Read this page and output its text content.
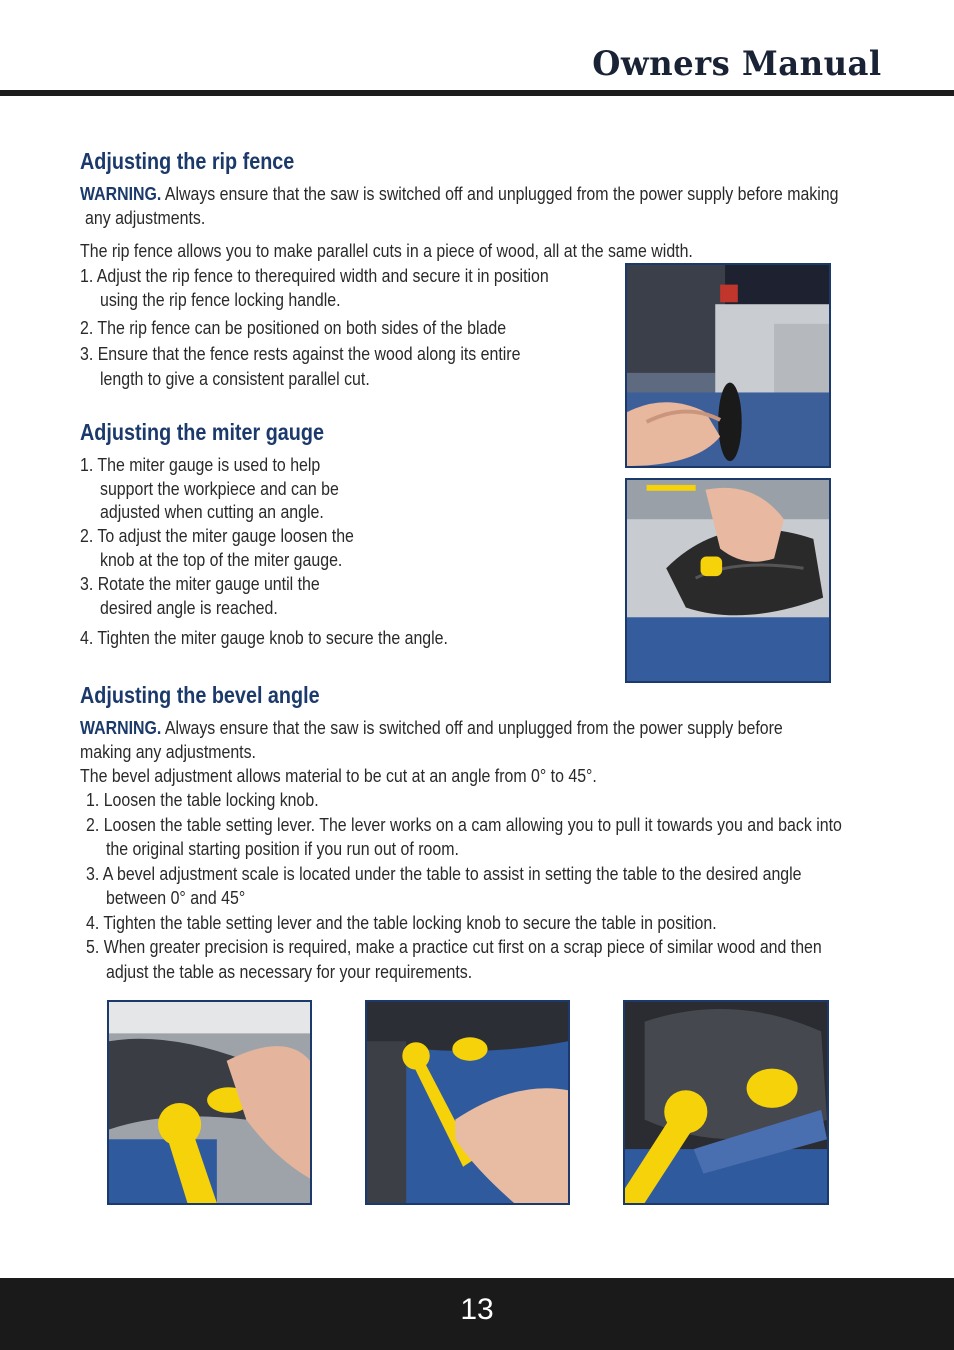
Owners Manual
Adjusting the rip fence
WARNING. Always ensure that the saw is switched off and unplugged from the power supply before making
any adjustments.
The rip fence allows you to make parallel cuts in a piece of wood, all at the same width.
1. Adjust the rip fence to therequired width and secure it in position
using the rip fence locking handle.
2. The rip fence can be positioned on both sides of the blade
3. Ensure that the fence rests against the wood along its entire
length to give a consistent parallel cut.
Adjusting the miter gauge
1. The miter gauge is used to help
support the workpiece and can be
adjusted when cutting an angle.
2. To adjust the miter gauge loosen the
knob at the top of the miter gauge.
3. Rotate the miter gauge until the
desired angle is reached.
4. Tighten the miter gauge knob to secure the angle.
Adjusting the bevel angle
WARNING. Always ensure that the saw is switched off and unplugged from the power supply before
making any adjustments.
The bevel adjustment allows material to be cut at an angle from 0° to 45°.
1. Loosen the table locking knob.
2. Loosen the table setting lever. The lever works on a cam allowing you to pull it towards you and back into
the original starting position if you run out of room.
3. A bevel adjustment scale is located under the table to assist in setting the table to the desired angle
between 0° and 45°
4. Tighten the table setting lever and the table locking knob to secure the table in position.
5. When greater precision is required, make a practice cut first on a scrap piece of similar wood and then
adjust the table as necessary for your requirements.
13
